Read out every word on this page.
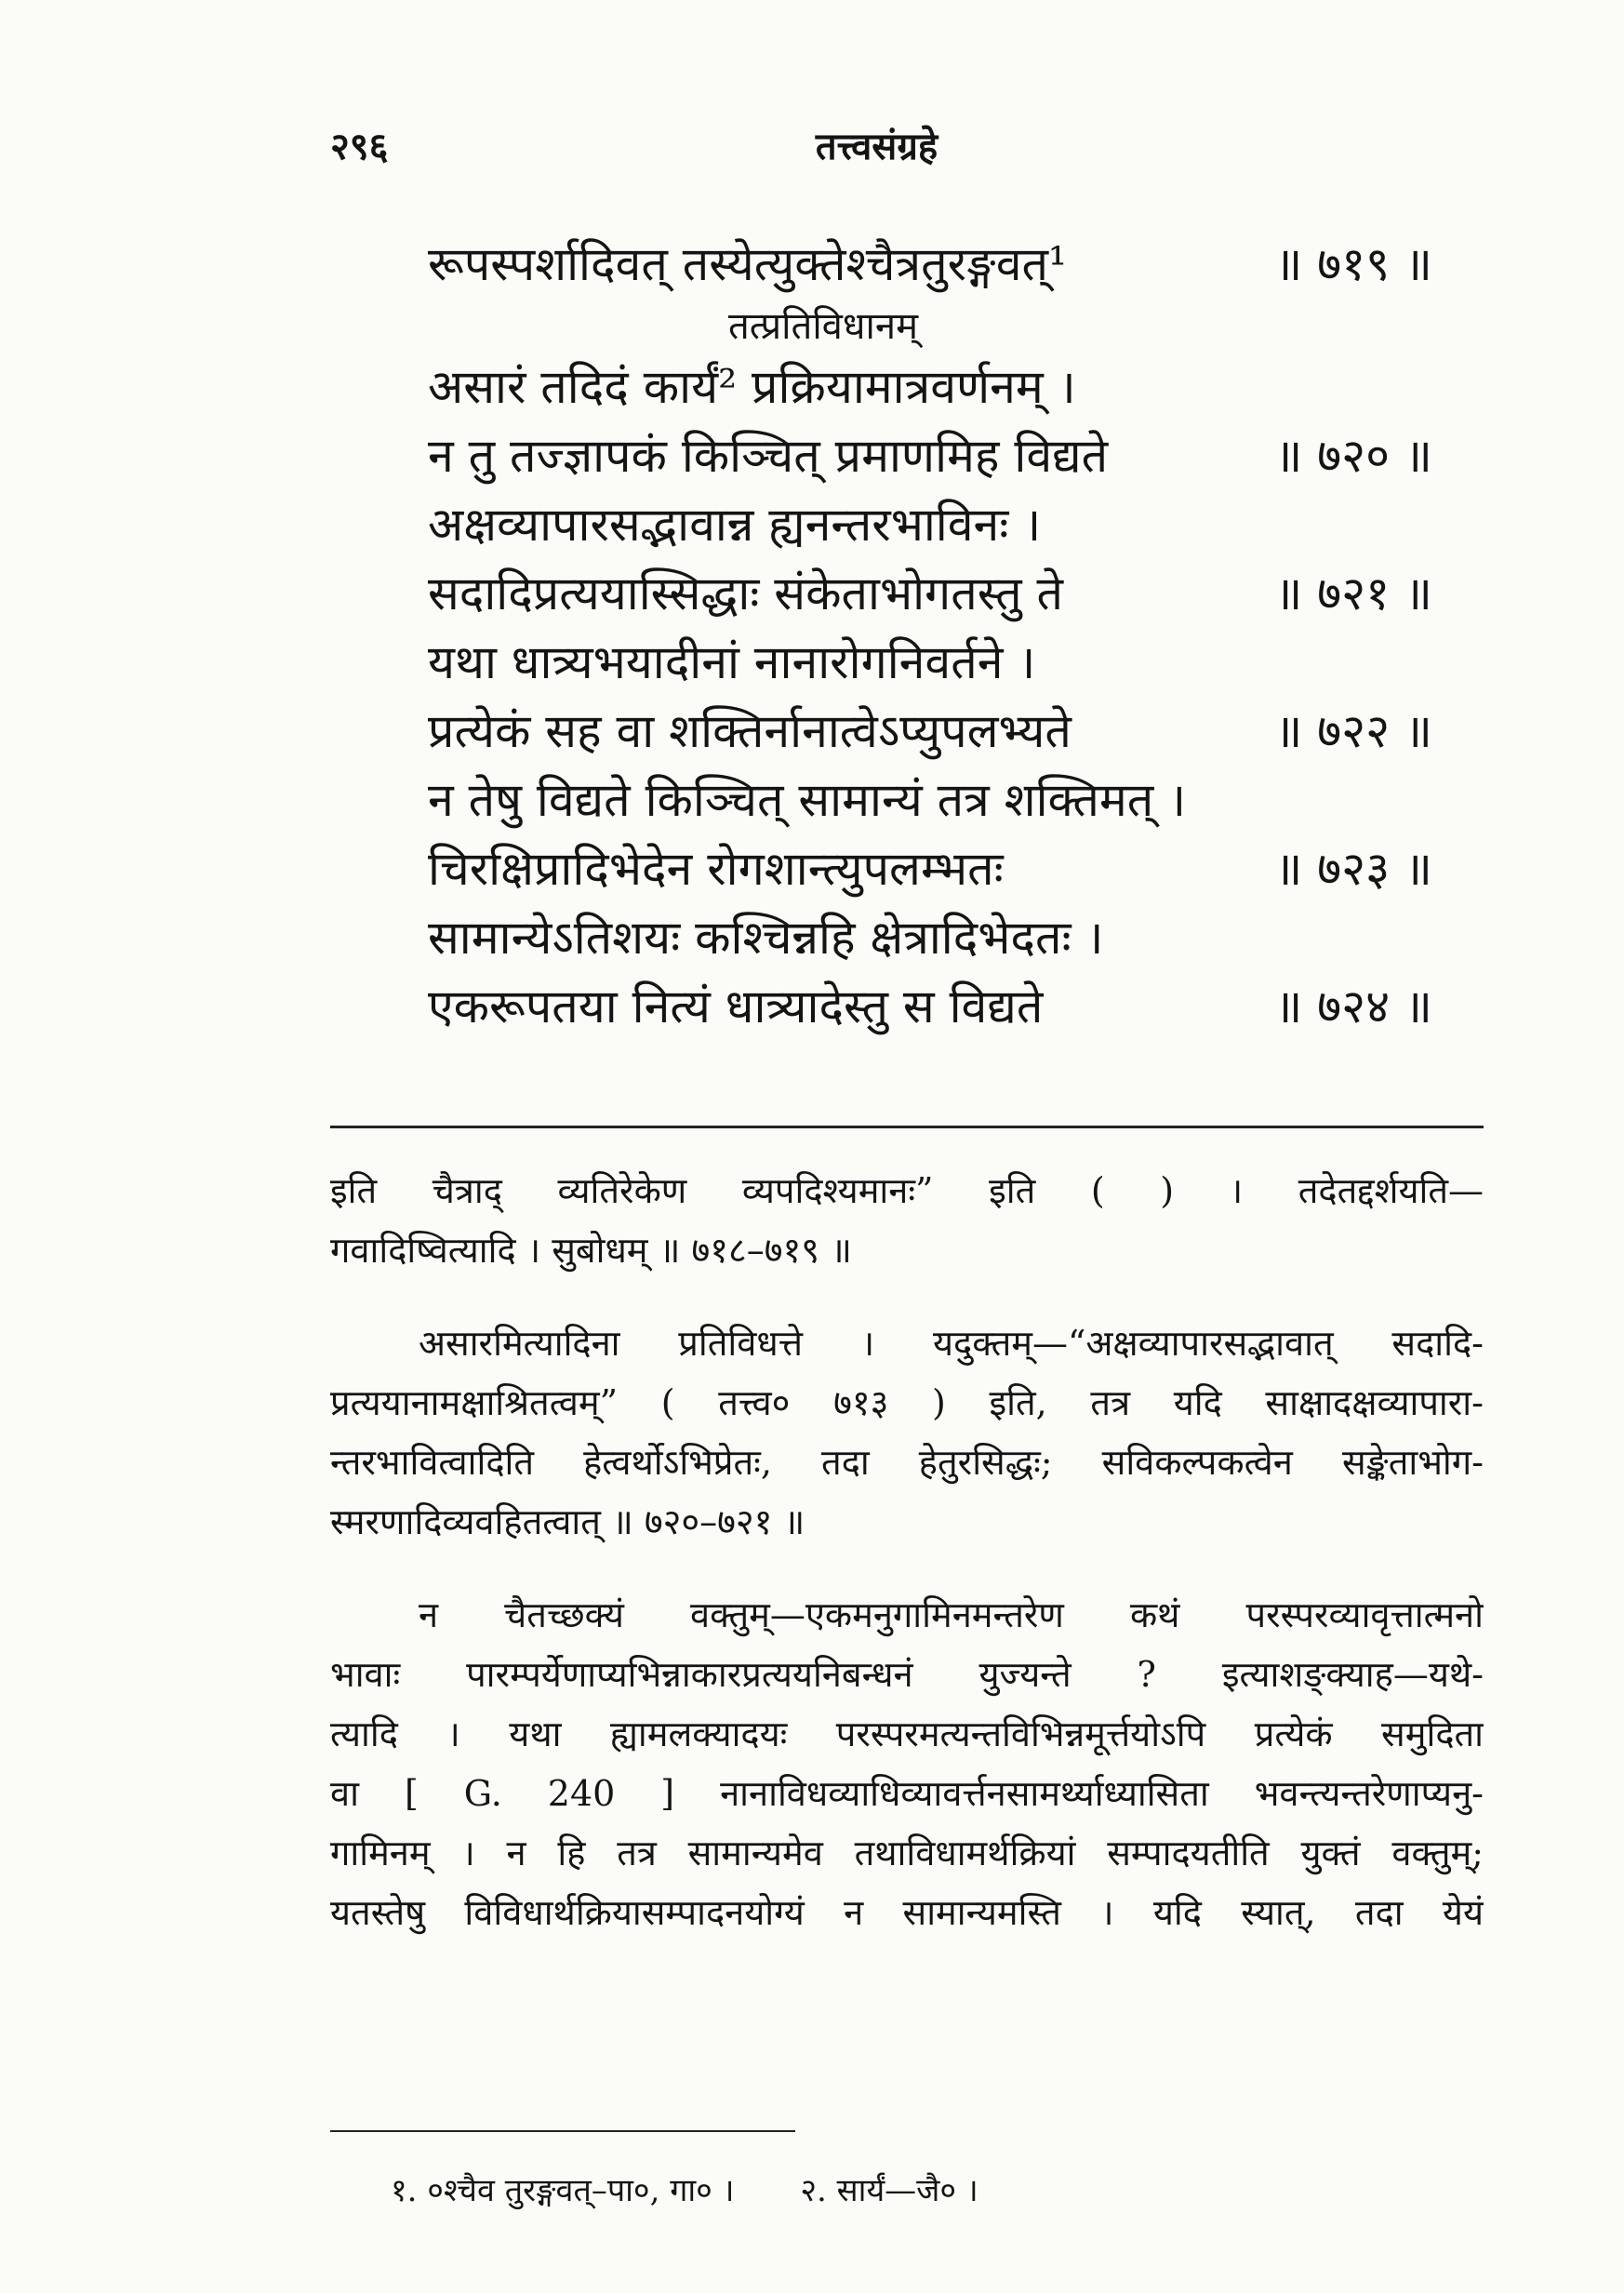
२९६	तत्त्वसंग्रहे
रूपस्पर्शादिवत् तस्येत्युक्तेश्चैत्रतुरङ्गवत्¹	॥ ७१९ ॥
तत्प्रतिविधानम्
असारं तदिदं कार्यं² प्रक्रियामात्रवर्णनम् ।
न तु तज्ज्ञापकं किञ्चित् प्रमाणमिह विद्यते	॥ ७२० ॥
अक्षव्यापारसद्भावान्न ह्यनन्तरभाविनः ।
सदादिप्रत्ययास्सिद्धाः संकेताभोगतस्तु ते	॥ ७२१ ॥
यथा धात्र्यभयादीनां नानारोगनिवर्तने ।
प्रत्येकं सह वा शक्तिर्नानात्वेऽप्युपलभ्यते	॥ ७२२ ॥
न तेषु विद्यते किञ्चित् सामान्यं तत्र शक्तिमत् ।
चिरक्षिप्रादिभेदेन रोगशान्त्युपलम्भतः	॥ ७२३ ॥
सामान्येऽतिशयः कश्चिन्नहि क्षेत्रादिभेदतः ।
एकरूपतया नित्यं धात्र्यादेस्तु स विद्यते	॥ ७२४ ॥
इति चैत्राद् व्यतिरेकेण व्यपदिश्यमानः” इति ( ) । तदेतद्दर्शयति—
गवादिष्वित्यादि । सुबोधम् ॥ ७१८–७१९ ॥
असारमित्यादिना प्रतिविधत्ते । यदुक्तम्—“अक्षव्यापारसद्भावात् सदादि-
प्रत्ययानामक्षाश्रितत्वम्” ( तत्त्व० ७१३ ) इति, तत्र यदि साक्षादक्षव्यापारा-
न्तरभावित्वादिति हेत्वर्थोऽभिप्रेतः, तदा हेतुरसिद्धः; सविकल्पकत्वेन सङ्केताभोग-
स्मरणादिव्यवहितत्वात् ॥ ७२०–७२१ ॥
न चैतच्छक्यं वक्तुम्—एकमनुगामिनमन्तरेण कथं परस्परव्यावृत्तात्मनो
भावाः पारम्पर्येणाप्यभिन्नाकारप्रत्ययनिबन्धनं युज्यन्ते ? इत्याशङ्क्याह—यथे-
त्यादि । यथा ह्यामलक्यादयः परस्परमत्यन्तविभिन्नमूर्त्तयोऽपि प्रत्येकं समुदिता
वा [ G. 240 ] नानाविधव्याधिव्यावर्त्तनसामर्थ्याध्यासिता भवन्त्यन्तरेणाप्यनु-
गामिनम् । न हि तत्र सामान्यमेव तथाविधामर्थक्रियां सम्पादयतीति युक्तं वक्तुम्;
यतस्तेषु विविधार्थक्रियासम्पादनयोग्यं न सामान्यमस्ति । यदि स्यात्, तदा येयं
१. ०श्चैव तुरङ्गवत्–पा०, गा० । २. सार्यं—जै० ।
